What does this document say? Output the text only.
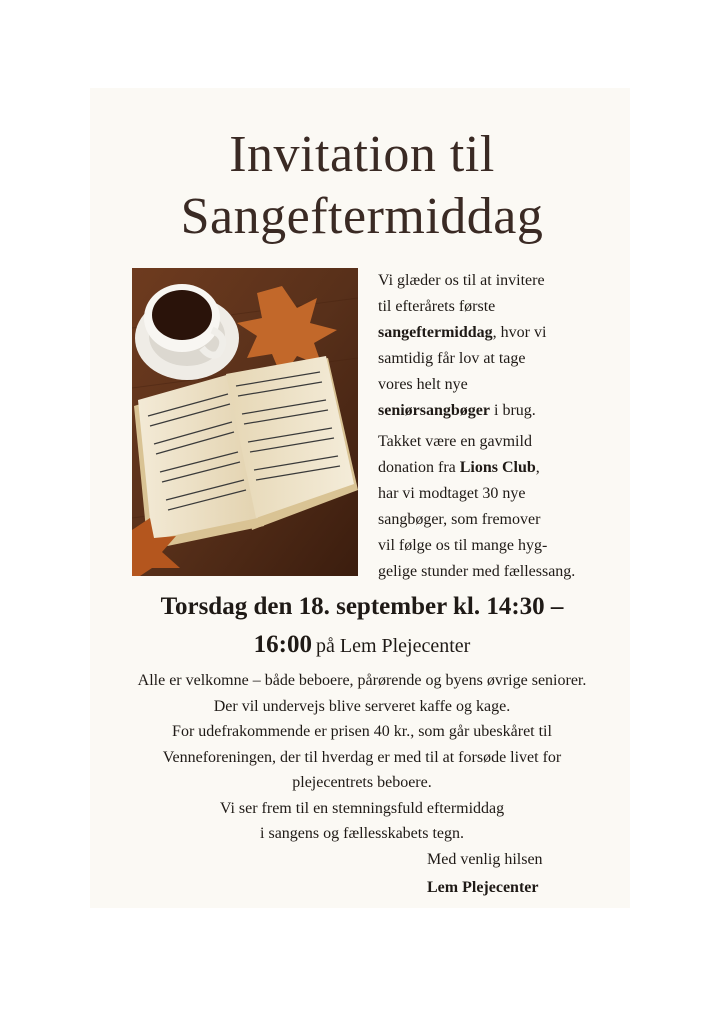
Invitation til
Sangeftermiddag

Vi glæder os til at invitere
til efterårets første
sangeftermiddag, hvor vi
samtidig får lov at tage
vores helt nye
seniørsangbøger i brug.

Takket være en gavmild
donation fra Lions Club,
har vi modtaget 30 nye
sangbøger, som fremover
vil følge os til mange hyg-
gelige stunder med fællessang.

Torsdag den 18. september kl. 14:30 –
16:00 på Lem Plejecenter
Alle er velkomne – både beboere, pårørende og byens øvrige seniorer.
Der vil undervejs blive serveret kaffe og kage.
For udefrakommende er prisen 40 kr., som går ubeskåret til
Venneforeningen, der til hverdag er med til at forsøde livet for
plejecentrets beboere.
Vi ser frem til en stemningsfuld eftermiddag
i sangens og fællesskabets tegn.
Med venlig hilsen
Lem Plejecenter
